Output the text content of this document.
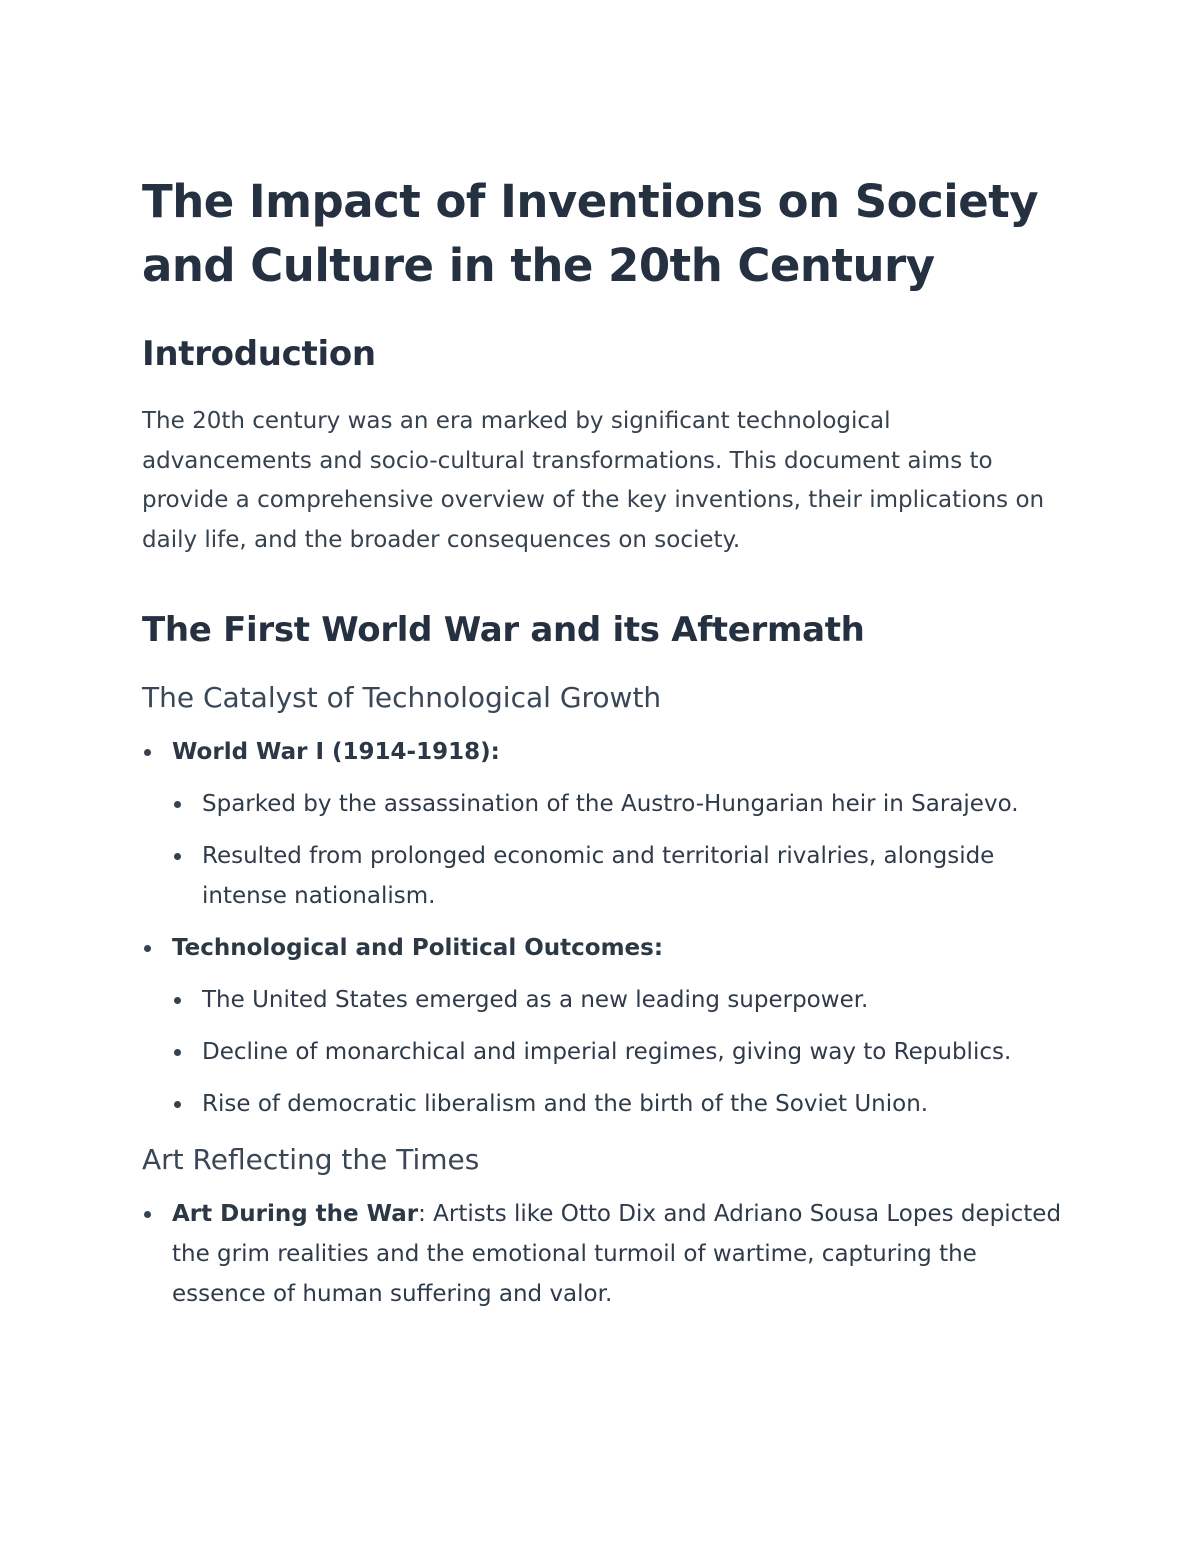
The Impact of Inventions on Society and Culture in the 20th Century
Introduction

The 20th century was an era marked by significant technological advancements and socio-cultural transformations. This document aims to provide a comprehensive overview of the key inventions, their implications on daily life, and the broader consequences on society.

The First World War and its Aftermath
The Catalyst of Technological Growth
World War I (1914-1918):
Sparked by the assassination of the Austro-Hungarian heir in Sarajevo.
Resulted from prolonged economic and territorial rivalries, alongside intense nationalism.
Technological and Political Outcomes:
The United States emerged as a new leading superpower.
Decline of monarchical and imperial regimes, giving way to Republics.
Rise of democratic liberalism and the birth of the Soviet Union.
Art Reflecting the Times
Art During the War: Artists like Otto Dix and Adriano Sousa Lopes depicted the grim realities and the emotional turmoil of wartime, capturing the essence of human suffering and valor.
